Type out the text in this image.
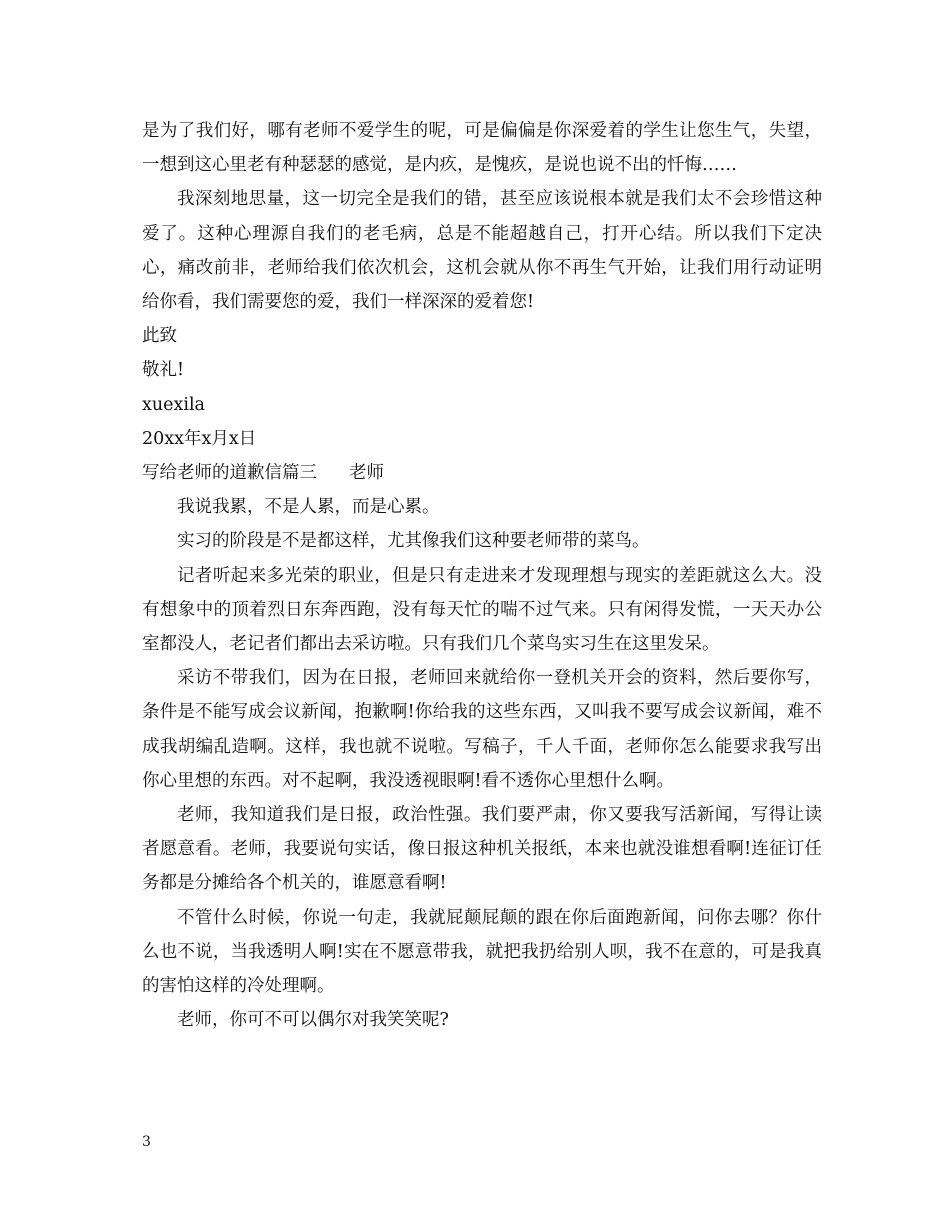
是为了我们好，哪有老师不爱学生的呢，可是偏偏是你深爱着的学生让您生气，失望，一想到这心里老有种瑟瑟的感觉，是内疚，是愧疚，是说也说不出的忏悔……

我深刻地思量，这一切完全是我们的错，甚至应该说根本就是我们太不会珍惜这种爱了。这种心理源自我们的老毛病，总是不能超越自己，打开心结。所以我们下定决心，痛改前非，老师给我们依次机会，这机会就从你不再生气开始，让我们用行动证明给你看，我们需要您的爱，我们一样深深的爱着您!

此致

敬礼!

xuexila

20xx年x月x日

写给老师的道歉信篇三 老师

我说我累，不是人累，而是心累。

实习的阶段是不是都这样，尤其像我们这种要老师带的菜鸟。

记者听起来多光荣的职业，但是只有走进来才发现理想与现实的差距就这么大。没有想象中的顶着烈日东奔西跑，没有每天忙的喘不过气来。只有闲得发慌，一天天办公室都没人，老记者们都出去采访啦。只有我们几个菜鸟实习生在这里发呆。

采访不带我们，因为在日报，老师回来就给你一登机关开会的资料，然后要你写，条件是不能写成会议新闻，抱歉啊!你给我的这些东西，又叫我不要写成会议新闻，难不成我胡编乱造啊。这样，我也就不说啦。写稿子，千人千面，老师你怎么能要求我写出你心里想的东西。对不起啊，我没透视眼啊!看不透你心里想什么啊。

老师，我知道我们是日报，政治性强。我们要严肃，你又要我写活新闻，写得让读者愿意看。老师，我要说句实话，像日报这种机关报纸，本来也就没谁想看啊!连征订任务都是分摊给各个机关的，谁愿意看啊!

不管什么时候，你说一句走，我就屁颠屁颠的跟在你后面跑新闻，问你去哪？你什么也不说，当我透明人啊!实在不愿意带我，就把我扔给别人呗，我不在意的，可是我真的害怕这样的冷处理啊。

老师，你可不可以偶尔对我笑笑呢?

3
